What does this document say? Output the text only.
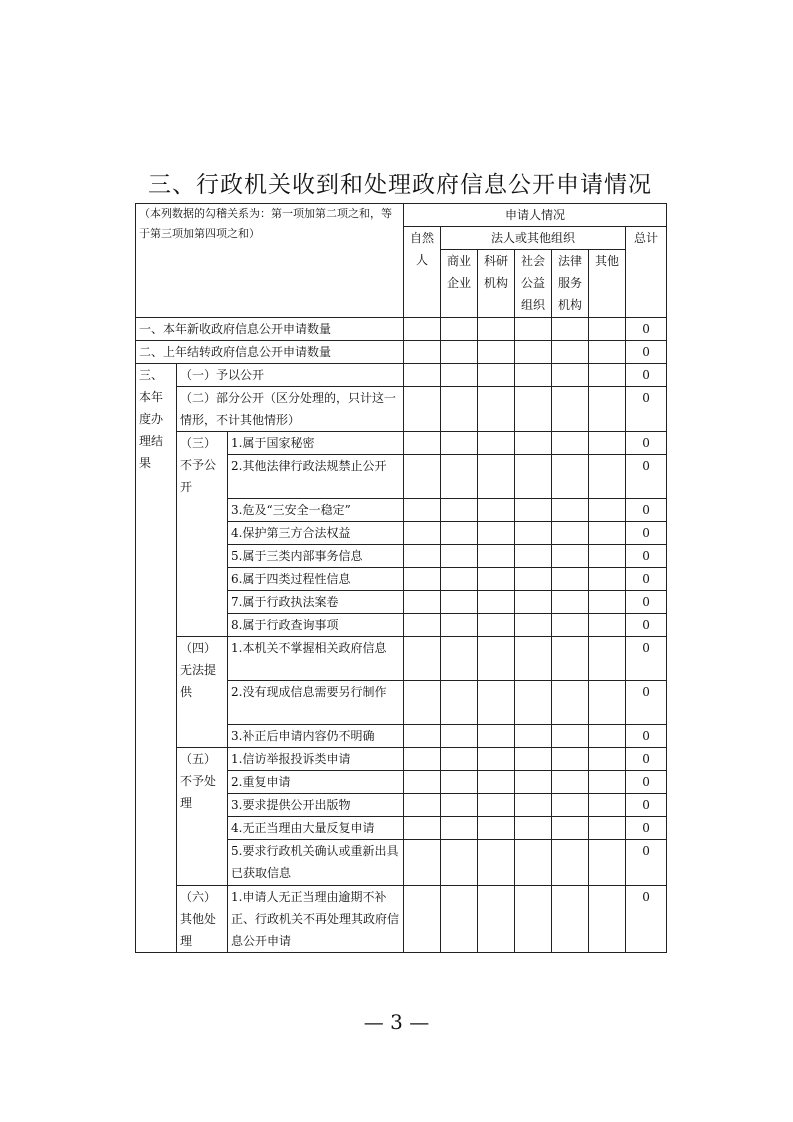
三、行政机关收到和处理政府信息公开申请情况
（本列数据的勾稽关系为：第一项加第二项之和，等于第三项加第四项之和）			申请人情况						
			自然人	法人或其他组织					总计
				商业企业	科研机构	社会公益组织	法律服务机构	其他	
一、本年新收政府信息公开申请数量									0
二、上年结转政府信息公开申请数量									0
三、本年度办理结果	（一）予以公开								0
	（二）部分公开（区分处理的，只计这一情形，不计其他情形）								0
	（三）不予公开	1.属于国家秘密							0
		2.其他法律行政法规禁止公开							0
		3.危及“三安全一稳定”							0
		4.保护第三方合法权益							0
		5.属于三类内部事务信息							0
		6.属于四类过程性信息							0
		7.属于行政执法案卷							0
		8.属于行政查询事项							0
	（四）无法提供	1.本机关不掌握相关政府信息							0
		2.没有现成信息需要另行制作							0
		3.补正后申请内容仍不明确							0
	（五）不予处理	1.信访举报投诉类申请							0
		2.重复申请							0
		3.要求提供公开出版物							0
		4.无正当理由大量反复申请							0
		5.要求行政机关确认或重新出具已获取信息							0
	（六）其他处理	1.申请人无正当理由逾期不补正、行政机关不再处理其政府信息公开申请							0
— 3 —
